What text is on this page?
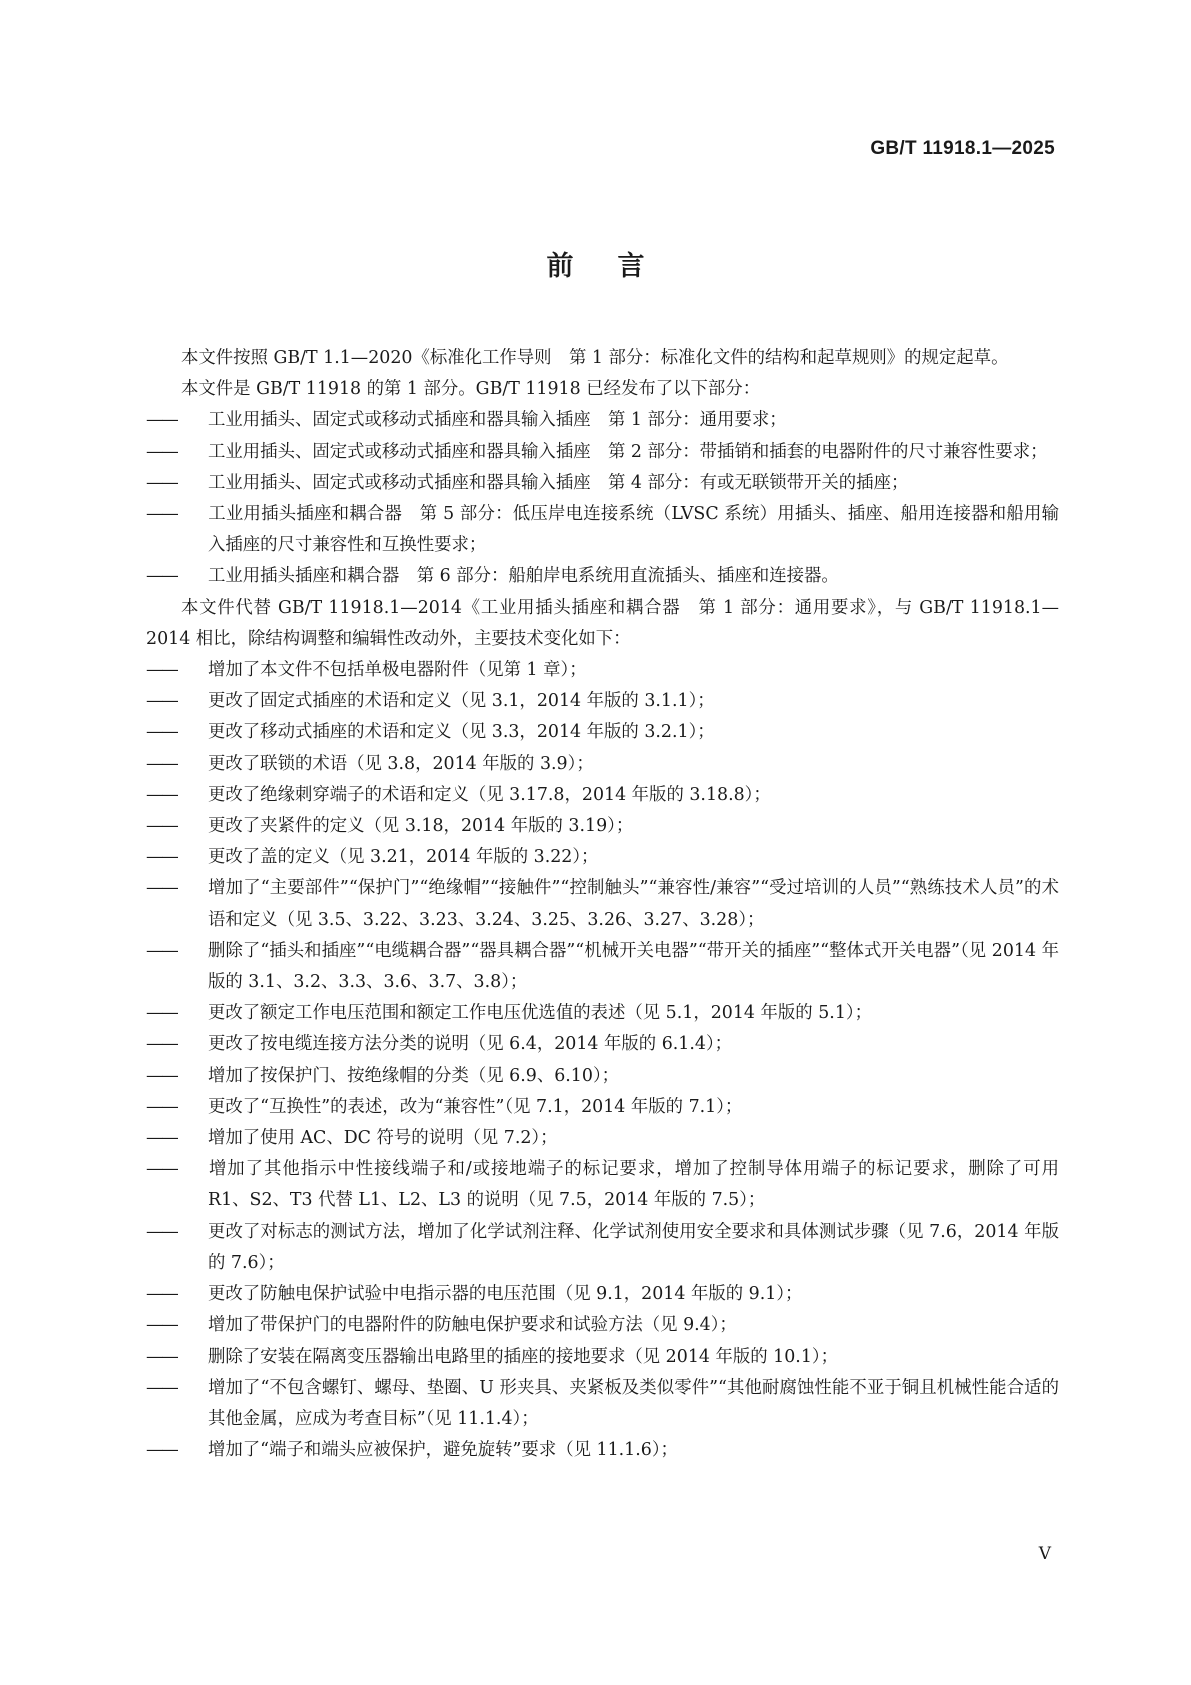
GB/T 11918.1—2025
前言

本文件按照 GB/T 1.1—2020《标准化工作导则　第 1 部分：标准化文件的结构和起草规则》的规定起草。

本文件是 GB/T 11918 的第 1 部分。GB/T 11918 已经发布了以下部分：

—— 工业用插头、固定式或移动式插座和器具输入插座　第 1 部分：通用要求；

—— 工业用插头、固定式或移动式插座和器具输入插座　第 2 部分：带插销和插套的电器附件的尺寸兼容性要求；

—— 工业用插头、固定式或移动式插座和器具输入插座　第 4 部分：有或无联锁带开关的插座；

—— 工业用插头插座和耦合器　第 5 部分：低压岸电连接系统（LVSC 系统）用插头、插座、船用连接器和船用输入插座的尺寸兼容性和互换性要求；

—— 工业用插头插座和耦合器　第 6 部分：船舶岸电系统用直流插头、插座和连接器。

本文件代替 GB/T 11918.1—2014《工业用插头插座和耦合器　第 1 部分：通用要求》，与 GB/T 11918.1—2014 相比，除结构调整和编辑性改动外，主要技术变化如下：

—— 增加了本文件不包括单极电器附件（见第 1 章）；

—— 更改了固定式插座的术语和定义（见 3.1，2014 年版的 3.1.1）；

—— 更改了移动式插座的术语和定义（见 3.3，2014 年版的 3.2.1）；

—— 更改了联锁的术语（见 3.8，2014 年版的 3.9）；

—— 更改了绝缘刺穿端子的术语和定义（见 3.17.8，2014 年版的 3.18.8）；

—— 更改了夹紧件的定义（见 3.18，2014 年版的 3.19）；

—— 更改了盖的定义（见 3.21，2014 年版的 3.22）；

—— 增加了“主要部件”“保护门”“绝缘帽”“接触件”“控制触头”“兼容性/兼容”“受过培训的人员”“熟练技术人员”的术语和定义（见 3.5、3.22、3.23、3.24、3.25、3.26、3.27、3.28）；

—— 删除了“插头和插座”“电缆耦合器”“器具耦合器”“机械开关电器”“带开关的插座”“整体式开关电器”（见 2014 年版的 3.1、3.2、3.3、3.6、3.7、3.8）；

—— 更改了额定工作电压范围和额定工作电压优选值的表述（见 5.1，2014 年版的 5.1）；

—— 更改了按电缆连接方法分类的说明（见 6.4，2014 年版的 6.1.4）；

—— 增加了按保护门、按绝缘帽的分类（见 6.9、6.10）；

—— 更改了“互换性”的表述，改为“兼容性”（见 7.1，2014 年版的 7.1）；

—— 增加了使用 AC、DC 符号的说明（见 7.2）；

—— 增加了其他指示中性接线端子和/或接地端子的标记要求，增加了控制导体用端子的标记要求，删除了可用 R1、S2、T3 代替 L1、L2、L3 的说明（见 7.5，2014 年版的 7.5）；

—— 更改了对标志的测试方法，增加了化学试剂注释、化学试剂使用安全要求和具体测试步骤（见 7.6，2014 年版的 7.6）；

—— 更改了防触电保护试验中电指示器的电压范围（见 9.1，2014 年版的 9.1）；

—— 增加了带保护门的电器附件的防触电保护要求和试验方法（见 9.4）；

—— 删除了安装在隔离变压器输出电路里的插座的接地要求（见 2014 年版的 10.1）；

—— 增加了“不包含螺钉、螺母、垫圈、U 形夹具、夹紧板及类似零件”“其他耐腐蚀性能不亚于铜且机械性能合适的其他金属，应成为考查目标”（见 11.1.4）；

—— 增加了“端子和端头应被保护，避免旋转”要求（见 11.1.6）；

V
